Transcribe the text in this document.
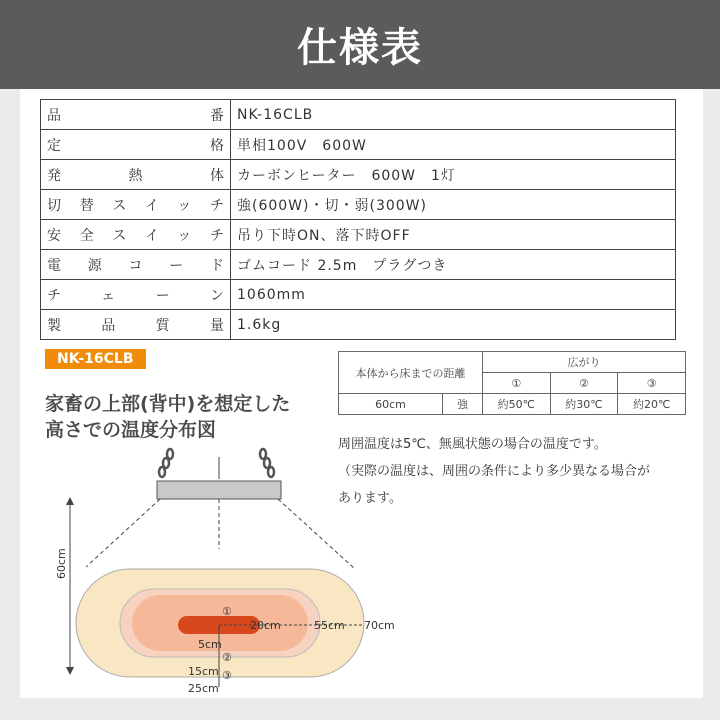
仕様表
品番	NK-16CLB
定格	単相100V　600W
発熱体	カーボンヒーター　600W　1灯
切替スイッチ	強(600W)・切・弱(300W)
安全スイッチ	吊り下時ON、落下時OFF
電源コード	ゴムコード 2.5m　プラグつき
チェーン	1060mm
製品質量	1.6kg
NK-16CLB
家畜の上部(背中)を想定した
高さでの温度分布図
本体から床までの距離		広がり		
		①	②	③
60cm	強	約50℃	約30℃	約20℃
周囲温度は5℃、無風状態の場合の温度です。
（実際の温度は、周囲の条件により多少異なる場合が
あります。
60cm
①
20cm	55cm 70cm
5cm
②
15cm ③
25cm
